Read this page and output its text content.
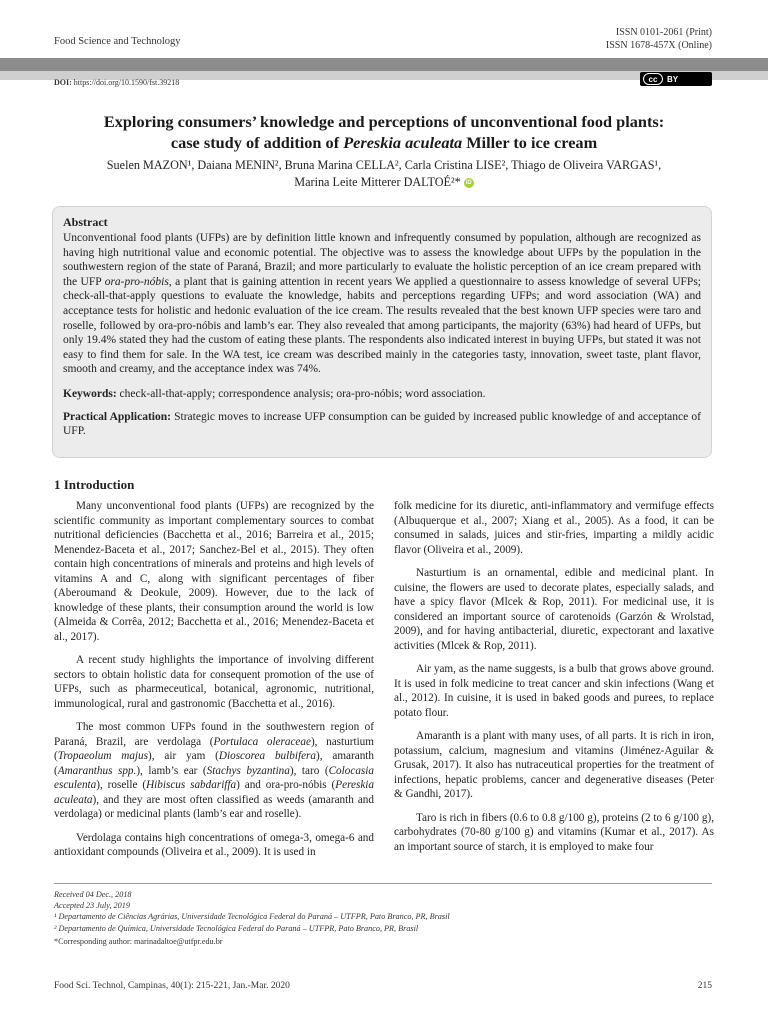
Food Science and Technology
ISSN 0101-2061 (Print)
ISSN 1678-457X (Online)
DOI: https://doi.org/10.1590/fst.39218	cc	BY
Exploring consumers’ knowledge and perceptions of unconventional food plants:
case study of addition of Pereskia aculeata Miller to ice cream
Suelen MAZON¹, Daiana MENIN², Bruna Marina CELLA², Carla Cristina LISE², Thiago de Oliveira VARGAS¹,
Marina Leite Mitterer DALTOÉ²* iD
Abstract

Unconventional food plants (UFPs) are by definition little known and infrequently consumed by population, although are recognized as having high nutritional value and economic potential. The objective was to assess the knowledge about UFPs by the population in the southwestern region of the state of Paraná, Brazil; and more particularly to evaluate the holistic perception of an ice cream prepared with the UFP ora-pro-nóbis, a plant that is gaining attention in recent years We applied a questionnaire to assess knowledge of several UFPs; check-all-that-apply questions to evaluate the knowledge, habits and perceptions regarding UFPs; and word association (WA) and acceptance tests for holistic and hedonic evaluation of the ice cream. The results revealed that the best known UFP species were taro and roselle, followed by ora-pro-nóbis and lamb’s ear. They also revealed that among participants, the majority (63%) had heard of UFPs, but only 19.4% stated they had the custom of eating these plants. The respondents also indicated interest in buying UFPs, but stated it was not easy to find them for sale. In the WA test, ice cream was described mainly in the categories tasty, innovation, sweet taste, plant flavor, smooth and creamy, and the acceptance index was 74%.

Keywords: check-all-that-apply; correspondence analysis; ora-pro-nóbis; word association.
Practical Application: Strategic moves to increase UFP consumption can be guided by increased public knowledge of and acceptance of UFP.
1 Introduction

Many unconventional food plants (UFPs) are recognized by the scientific community as important complementary sources to combat nutritional deficiencies (Bacchetta et al., 2016; Barreira et al., 2015; Menendez-Baceta et al., 2017; Sanchez-Bel et al., 2015). They often contain high concentrations of minerals and proteins and high levels of vitamins A and C, along with significant percentages of fiber (Aberoumand & Deokule, 2009). However, due to the lack of knowledge of these plants, their consumption around the world is low (Almeida & Corrêa, 2012; Bacchetta et al., 2016; Menendez-Baceta et al., 2017).

A recent study highlights the importance of involving different sectors to obtain holistic data for consequent promotion of the use of UFPs, such as pharmeceutical, botanical, agronomic, nutritional, immunological, rural and gastronomic (Bacchetta et al., 2016).

The most common UFPs found in the southwestern region of Paraná, Brazil, are verdolaga (Portulaca oleraceae), nasturtium (Tropaeolum majus), air yam (Dioscorea bulbifera), amaranth (Amaranthus spp.), lamb’s ear (Stachys byzantina), taro (Colocasia esculenta), roselle (Hibiscus sabdariffa) and ora-pro-nóbis (Pereskia aculeata), and they are most often classified as weeds (amaranth and verdolaga) or medicinal plants (lamb’s ear and roselle).

Verdolaga contains high concentrations of omega-3, omega-6 and antioxidant compounds (Oliveira et al., 2009). It is used in

folk medicine for its diuretic, anti-inflammatory and vermifuge effects (Albuquerque et al., 2007; Xiang et al., 2005). As a food, it can be consumed in salads, juices and stir-fries, imparting a mildly acidic flavor (Oliveira et al., 2009).

Nasturtium is an ornamental, edible and medicinal plant. In cuisine, the flowers are used to decorate plates, especially salads, and have a spicy flavor (Mlcek & Rop, 2011). For medicinal use, it is considered an important source of carotenoids (Garzón & Wrolstad, 2009), and for having antibacterial, diuretic, expectorant and laxative activities (Mlcek & Rop, 2011).

Air yam, as the name suggests, is a bulb that grows above ground. It is used in folk medicine to treat cancer and skin infections (Wang et al., 2012). In cuisine, it is used in baked goods and purees, to replace potato flour.

Amaranth is a plant with many uses, of all parts. It is rich in iron, potassium, calcium, magnesium and vitamins (Jiménez-Aguilar & Grusak, 2017). It also has nutraceutical properties for the treatment of infections, hepatic problems, cancer and degenerative diseases (Peter & Gandhi, 2017).

Taro is rich in fibers (0.6 to 0.8 g/100 g), proteins (2 to 6 g/100 g), carbohydrates (70-80 g/100 g) and vitamins (Kumar et al., 2017). As an important source of starch, it is employed to make four

Received 04 Dec., 2018
Accepted 23 July, 2019
¹ Departamento de Ciências Agrárias, Universidade Tecnológica Federal do Paraná – UTFPR, Pato Branco, PR, Brasil
² Departamento de Química, Universidade Tecnológica Federal do Paraná – UTFPR, Pato Branco, PR, Brasil
*Corresponding author: marinadaltoe@utfpr.edu.br
Food Sci. Technol, Campinas, 40(1): 215-221, Jan.-Mar. 2020	215
